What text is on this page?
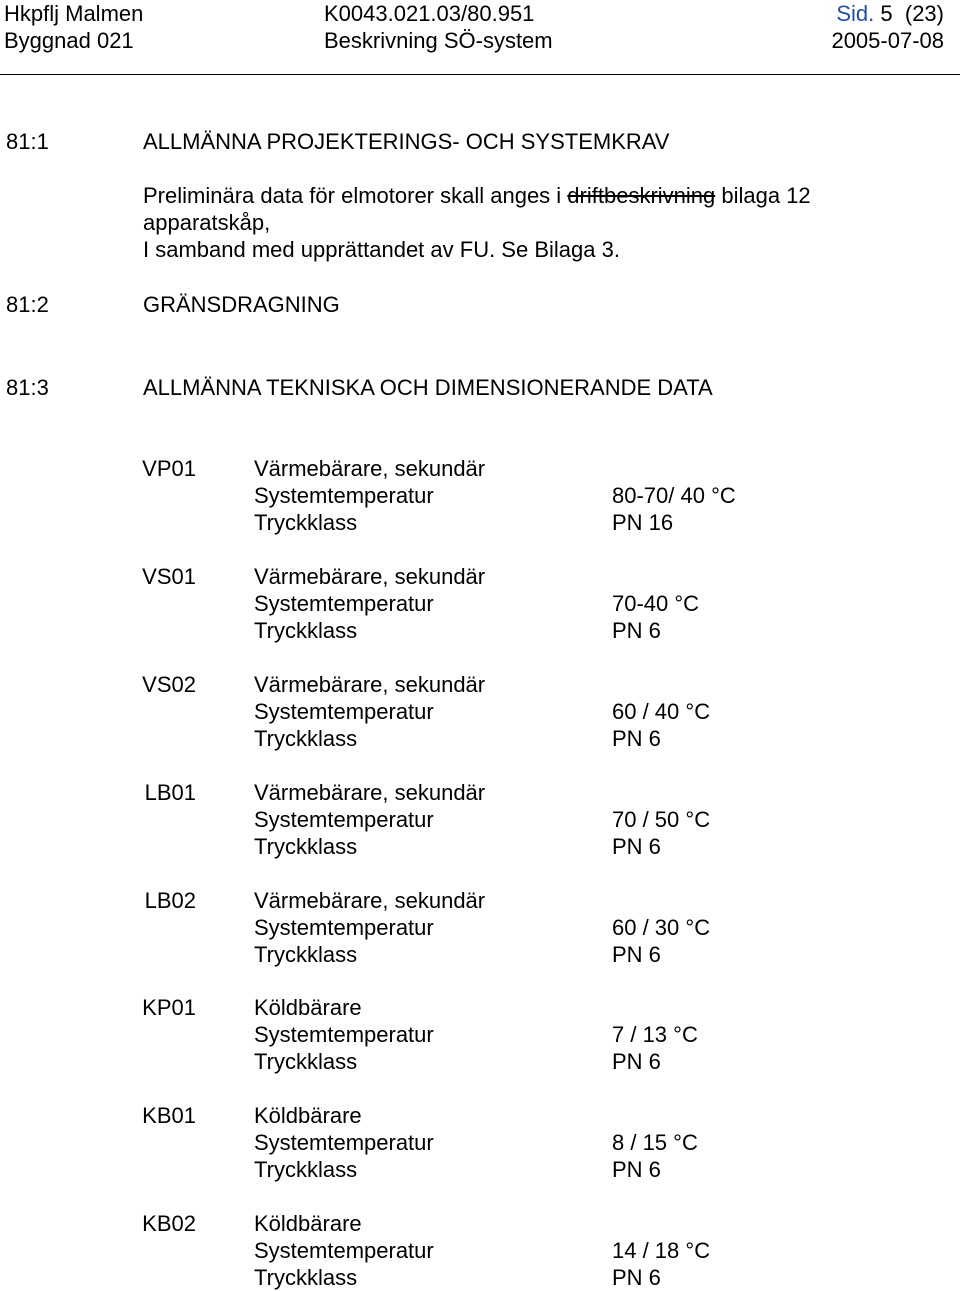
Hkpflj Malmen
Byggnad 021
K0043.021.03/80.951
Beskrivning SÖ-system
Sid. 5  (23)
2005-07-08
81:1	ALLMÄNNA PROJEKTERINGS- OCH SYSTEMKRAV
Preliminära data för elmotorer skall anges i driftbeskrivning bilaga 12
apparatskåp,
I samband med upprättandet av FU. Se Bilaga 3.
81:2	GRÄNSDRAGNING
81:3	ALLMÄNNA TEKNISKA OCH DIMENSIONERANDE DATA
VP01	Värmebärare, sekundär
Systemtemperatur	80-70/ 40 °C
Tryckklass	PN 16
VS01	Värmebärare, sekundär
Systemtemperatur	70-40 °C
Tryckklass	PN 6
VS02	Värmebärare, sekundär
Systemtemperatur	60 / 40 °C
Tryckklass	PN 6
LB01	Värmebärare, sekundär
Systemtemperatur	70 / 50 °C
Tryckklass	PN 6
LB02	Värmebärare, sekundär
Systemtemperatur	60 / 30 °C
Tryckklass	PN 6
KP01	Köldbärare
Systemtemperatur	7 / 13 °C
Tryckklass	PN 6
KB01	Köldbärare
Systemtemperatur	8 / 15 °C
Tryckklass	PN 6
KB02	Köldbärare
Systemtemperatur	14 / 18 °C
Tryckklass	PN 6
